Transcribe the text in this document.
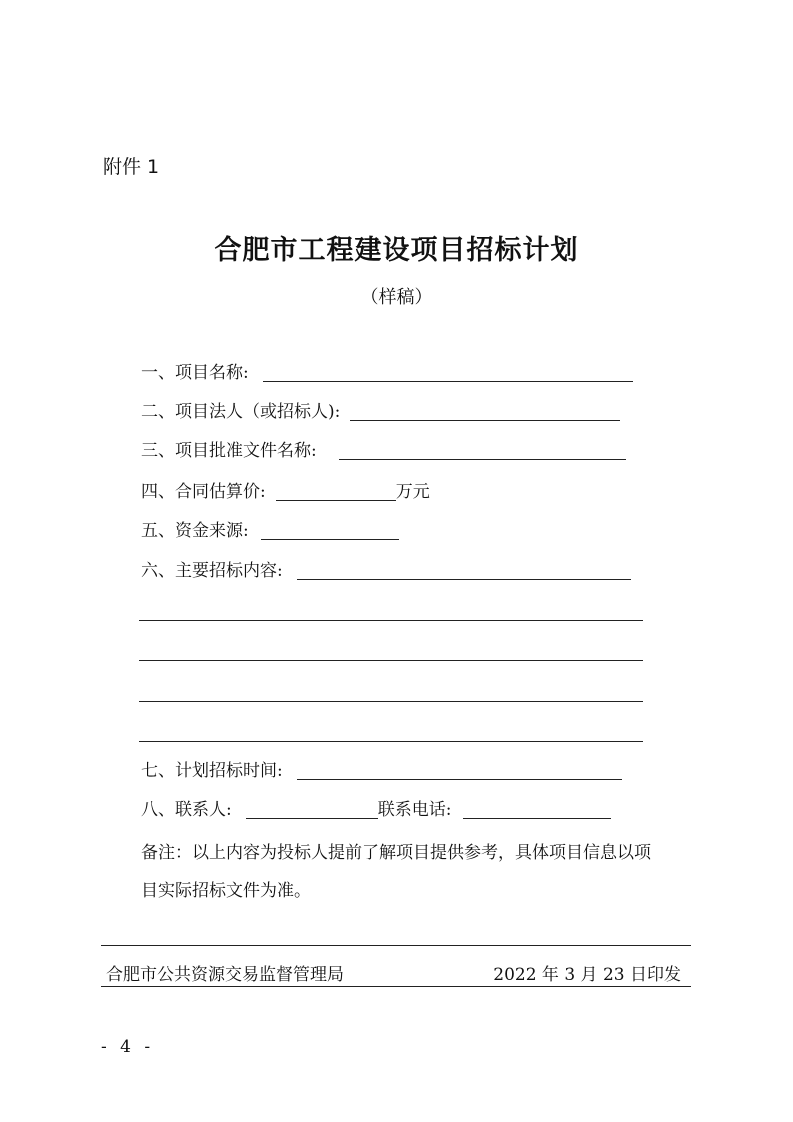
附件 1
合肥市工程建设项目招标计划
（样稿）
一、项目名称:
二、项目法人（或招标人):
三、项目批准文件名称:
四、合同估算价:	万元
五、资金来源:
六、主要招标内容:
七、计划招标时间:
八、联系人:	联系电话:
备注：以上内容为投标人提前了解项目提供参考，具体项目信息以项目实际招标文件为准。
合肥市公共资源交易监督管理局	2022 年 3 月 23 日印发
- 4 -
